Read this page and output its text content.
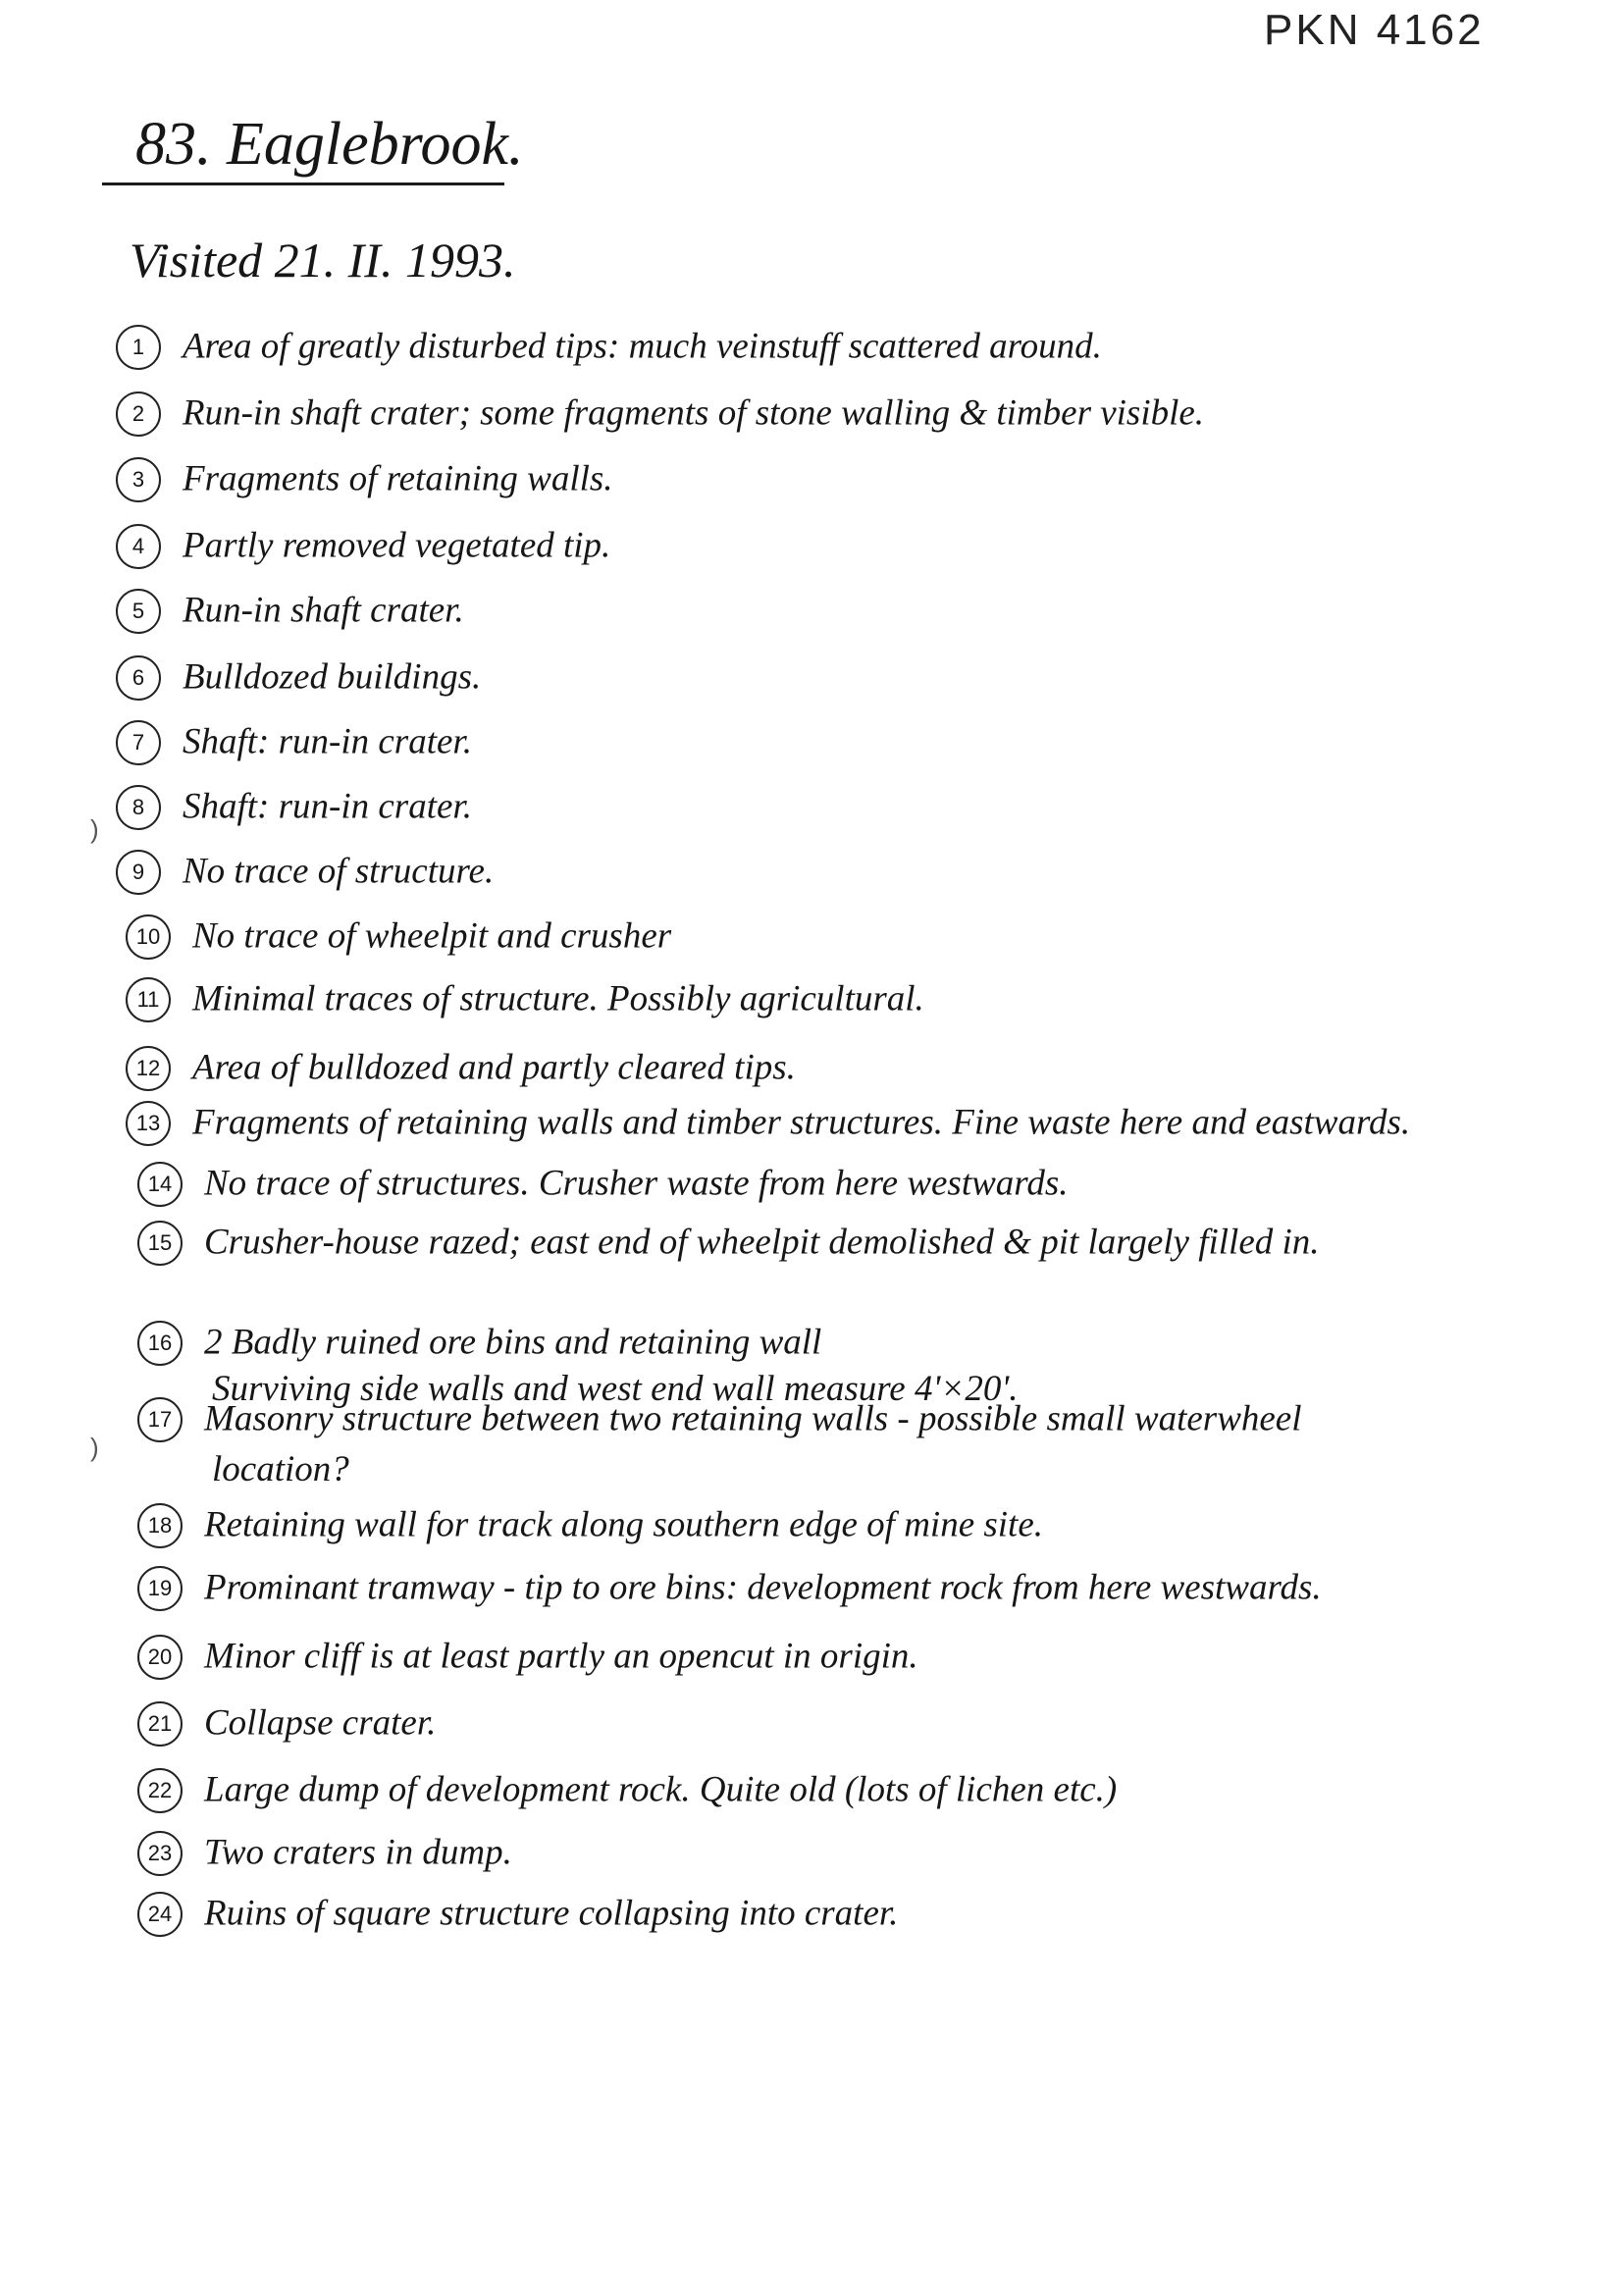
PKN 4162
83. Eaglebrook.
Visited 21. II. 1993.
)
)
1 Area of greatly disturbed tips: much veinstuff scattered around.
2 Run-in shaft crater; some fragments of stone walling & timber visible.
3 Fragments of retaining walls.
4 Partly removed vegetated tip.
5 Run-in shaft crater.
6 Bulldozed buildings.
7 Shaft: run-in crater.
8 Shaft: run-in crater.
9 No trace of structure.
10 No trace of wheelpit and crusher
11 Minimal traces of structure. Possibly agricultural.
12 Area of bulldozed and partly cleared tips.
13 Fragments of retaining walls and timber structures. Fine waste here and eastwards.
14 No trace of structures. Crusher waste from here westwards.
15 Crusher-house razed; east end of wheelpit demolished & pit largely filled in.
16 2 Badly ruined ore bins and retaining wall
17 Masonry structure between two retaining walls - possible small waterwheel
18 Retaining wall for track along southern edge of mine site.
19 Prominant tramway - tip to ore bins: development rock from here westwards.
20 Minor cliff is at least partly an opencut in origin.
21 Collapse crater.
22 Large dump of development rock. Quite old (lots of lichen etc.)
23 Two craters in dump.
24 Ruins of square structure collapsing into crater.
Surviving side walls and west end wall measure 4'×20'.
location?
